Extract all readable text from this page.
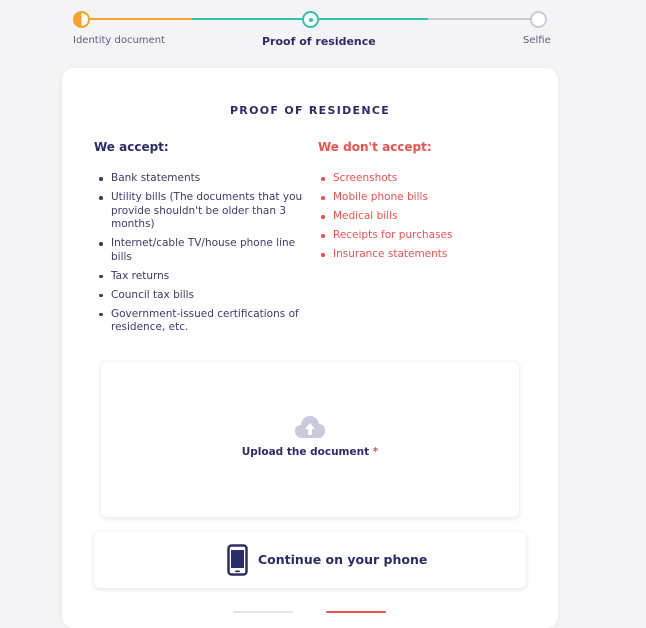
Identity document	Proof of residence	Selfie
PROOF OF RESIDENCE
We accept:	We don't accept:
Bank statements
Utility bills (The documents that you provide shouldn't be older than 3 months)
Internet/cable TV/house phone line bills
Tax returns
Council tax bills
Government-issued certifications of residence, etc.
Screenshots
Mobile phone bills
Medical bills
Receipts for purchases
Insurance statements
Upload the document *
Continue on your phone
